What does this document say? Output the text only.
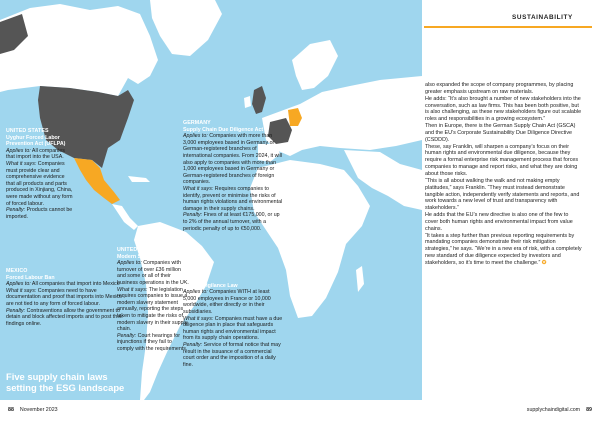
UNITED STATES
Uyghur Forced Labor Prevention Act (UFLPA)
Applies to: All companies that import into the USA.
What it says: Companies must provide clear and comprehensive evidence that all products and parts produced in Xinjiang, China, were made without any form of forced labour.
Penalty: Products cannot be imported.
MEXICO
Forced Labour Ban
Applies to: All companies that import into Mexico
What it says: Companies need to have documentation and proof that imports into Mexico are not tied to any form of forced labour.
Penalty: Contraventions allow the government to detain and block affected imports and to post their findings online.
UNITED KINGDOM
Modern Slavery Act
Applies to: Companies with turnover of over £36 million and some or all of their business operations in the UK.
What it says: The legislation requires companies to issue a modern slavery statement annually, reporting the steps taken to mitigate the risks of modern slavery in their supply chain.
Penalty: Court hearings for injunctions if they fail to comply with the requirements.
GERMANY
Supply Chain Due Diligence Act
Applies to: Companies with more than 3,000 employees based in Germany or German-registered branches of international companies. From 2024, it will also apply to companies with more than 1,000 employees based in Germany or German-registered branches of foreign companies.
What it says: Requires companies to identify, prevent or minimise the risks of human rights violations and environmental damage in their supply chains.
Penalty: Fines of at least €175,000, or up to 2% of the annual turnover, with a periodic penalty of up to €50,000.
FRANCE
Duty of Vigilance Law
Applies to: Companies WITH at least 5,000 employees in France or 10,000 worldwide, either directly or in their subsidiaries.
What it says: Companies must have a due diligence plan in place that safeguards human rights and environmental impact from its supply chain operations.
Penalty: Service of formal notice that may result in the issuance of a commercial court order and the imposition of a daily fine.
Five supply chain laws setting the ESG landscape
SUSTAINABILITY

also expanded the scope of company programmes, by placing greater emphasis upstream on raw materials.

He adds: “It’s also brought a number of new stakeholders into the conversation, such as law firms. This has been both positive, but is also challenging, as these new stakeholders figure out scalable roles and responsibilities in a growing ecosystem.”

Then in Europe, there is the German Supply Chain Act (GSCA) and the EU’s Corporate Sustainability Due Diligence Directive (CSDDD).

These, say Franklin, will sharpen a company’s focus on their human rights and environmental due diligence, because they require a formal enterprise risk management process that forces companies to manage and report risks, and what they are doing about those risks.

“This is all about walking the walk and not making empty platitudes,” says Franklin. “They must instead demonstrate tangible action, independently verify statements and reports, and work towards a new level of trust and transparency with stakeholders.”

He adds that the EU’s new directive is also one of the few to cover both human rights and environmental impact from value chains.

“It takes a step further than previous reporting requirements by mandating companies demonstrate their risk mitigation strategies,” he says. “We’re in a new era of risk, with a completely new standard of due diligence expected by investors and stakeholders, so it’s time to meet the challenge.” ✪

88 November 2023	supplychaindigital.com 89
